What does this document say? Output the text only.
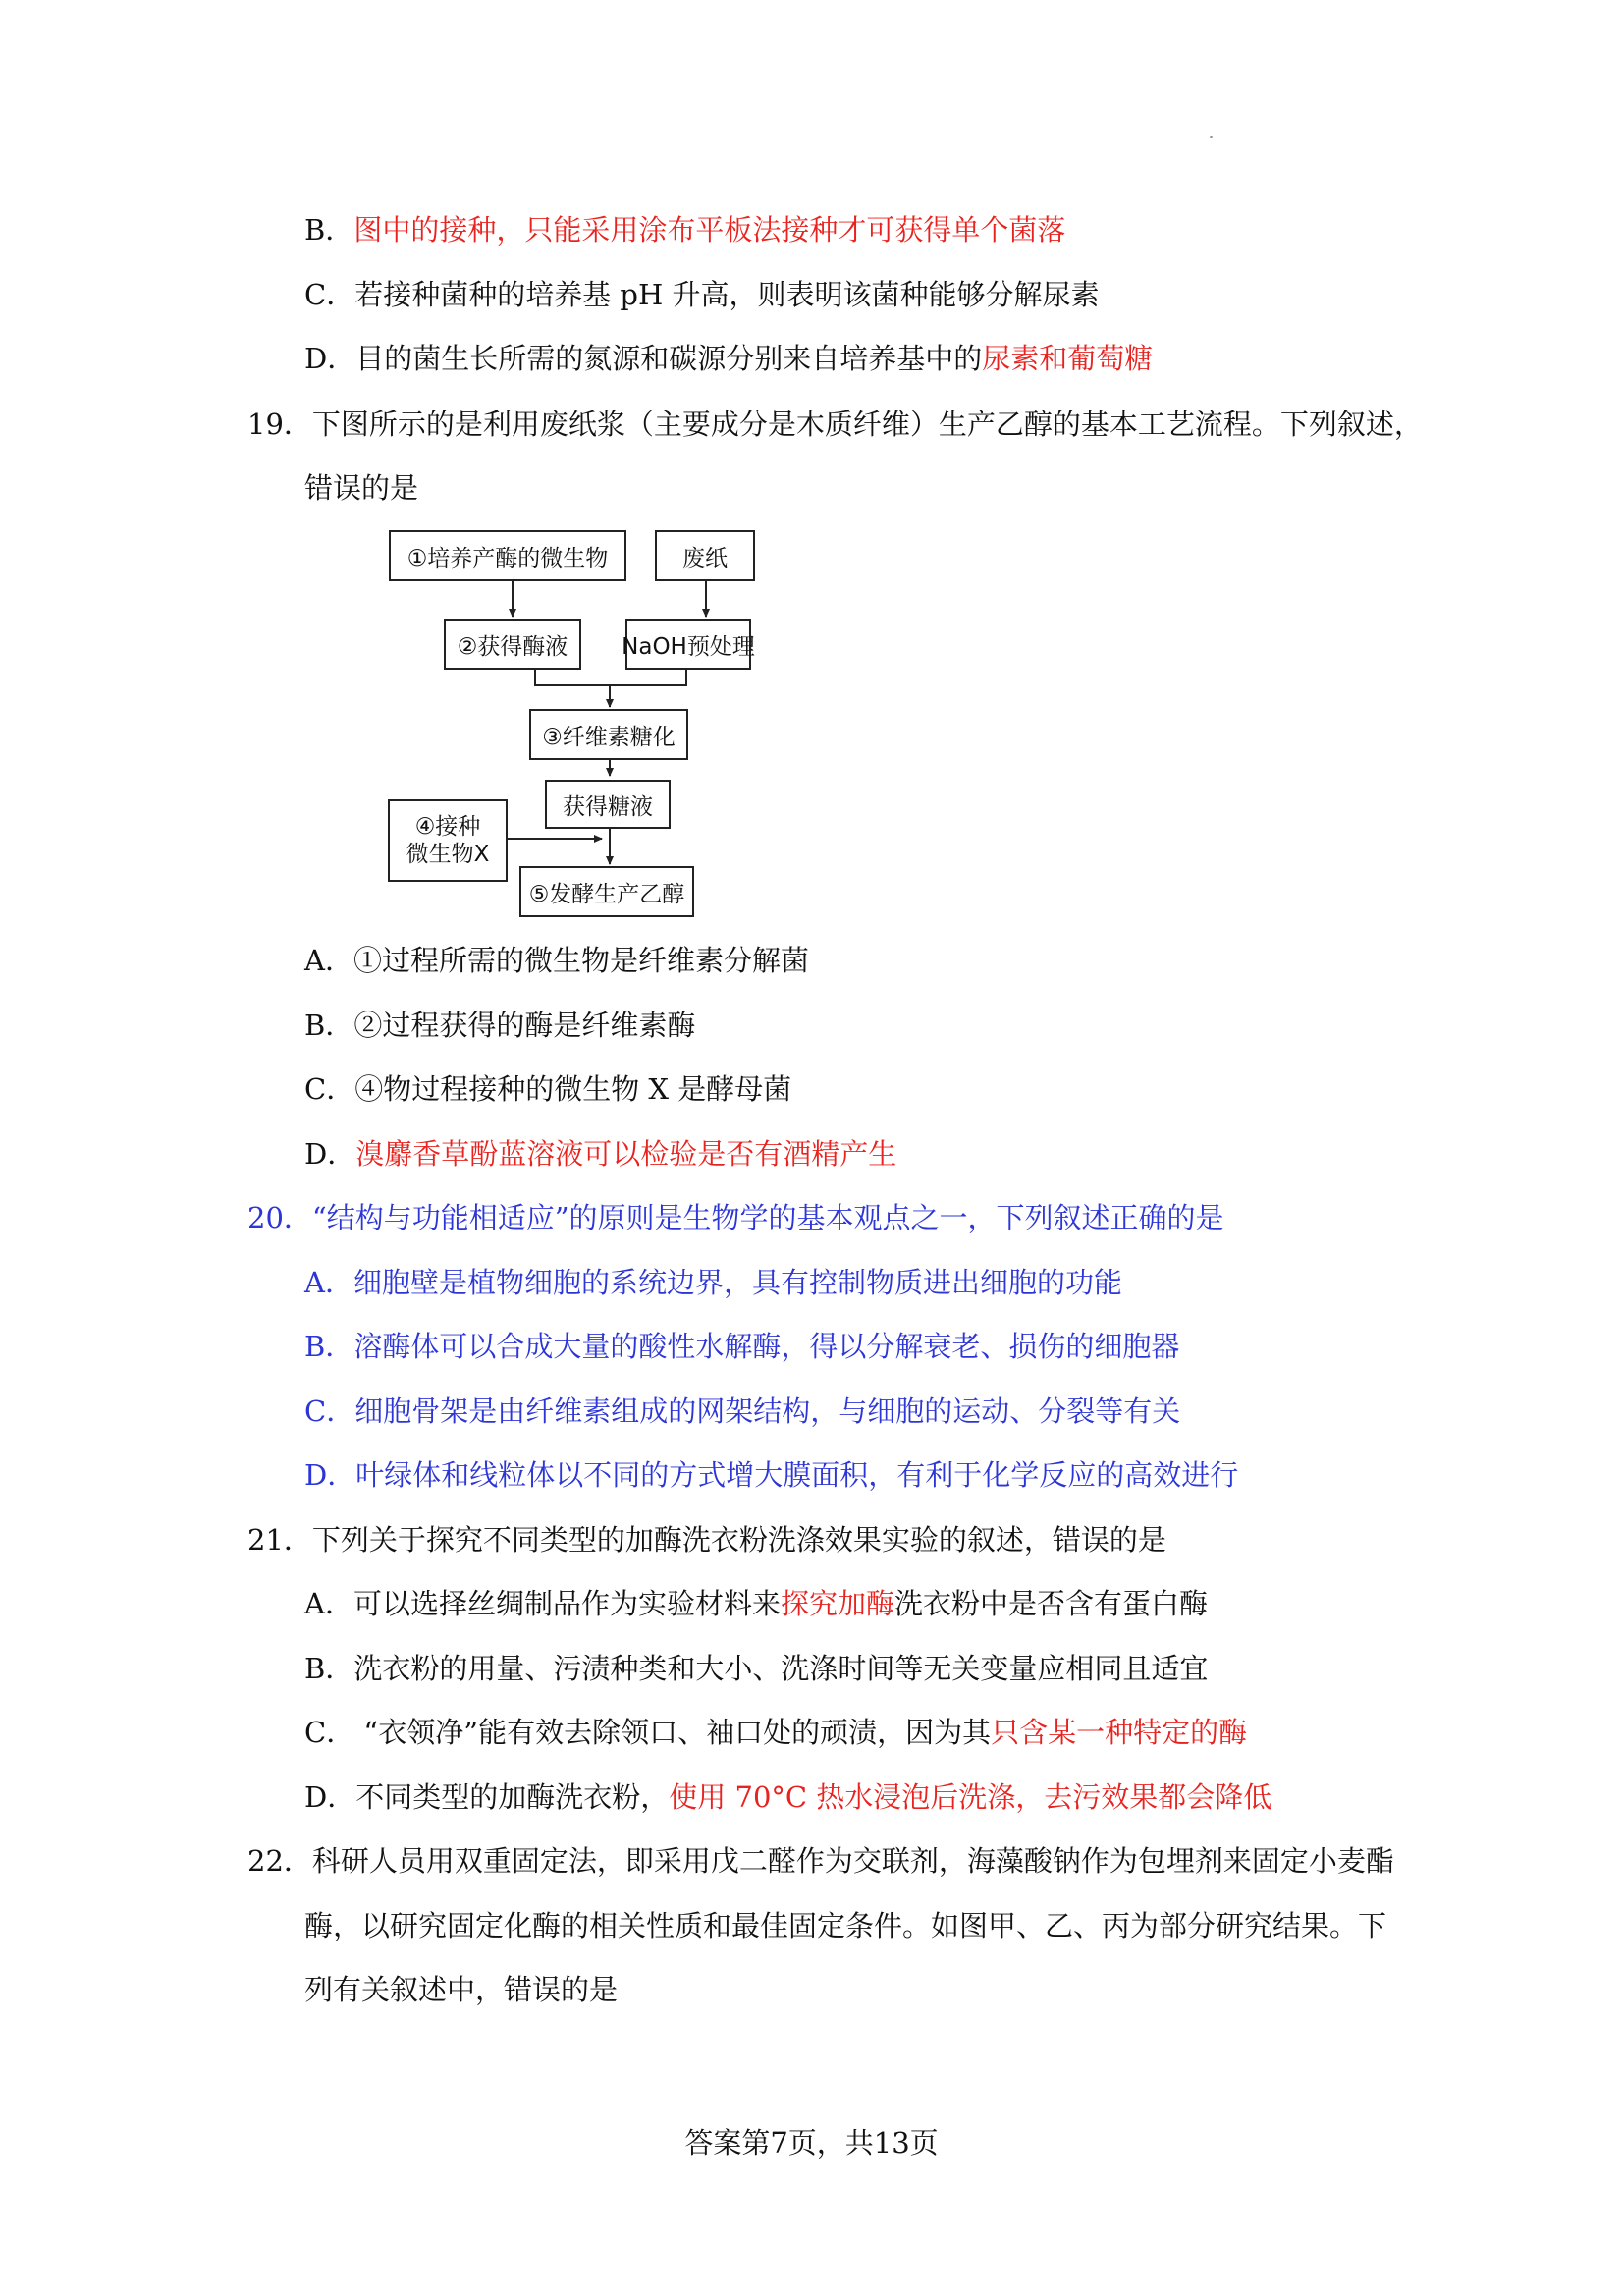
B．图中的接种，只能采用涂布平板法接种才可获得单个菌落
C．若接种菌种的培养基 pH 升高，则表明该菌种能够分解尿素
D．目的菌生长所需的氮源和碳源分别来自培养基中的尿素和葡萄糖
19．下图所示的是利用废纸浆（主要成分是木质纤维）生产乙醇的基本工艺流程。下列叙述，
错误的是
①培养产酶的微生物	废纸
②获得酶液	NaOH预处理
③纤维素糖化
获得糖液
④接种
微生物X
⑤发酵生产乙醇
A．①过程所需的微生物是纤维素分解菌
B．②过程获得的酶是纤维素酶
C．④物过程接种的微生物 X 是酵母菌
D．溴麝香草酚蓝溶液可以检验是否有酒精产生
20．“结构与功能相适应”的原则是生物学的基本观点之一，下列叙述正确的是
A．细胞壁是植物细胞的系统边界，具有控制物质进出细胞的功能
B．溶酶体可以合成大量的酸性水解酶，得以分解衰老、损伤的细胞器
C．细胞骨架是由纤维素组成的网架结构，与细胞的运动、分裂等有关
D．叶绿体和线粒体以不同的方式增大膜面积，有利于化学反应的高效进行
21．下列关于探究不同类型的加酶洗衣粉洗涤效果实验的叙述，错误的是
A．可以选择丝绸制品作为实验材料来探究加酶洗衣粉中是否含有蛋白酶
B．洗衣粉的用量、污渍种类和大小、洗涤时间等无关变量应相同且适宜
C． “衣领净”能有效去除领口、袖口处的顽渍，因为其只含某一种特定的酶
D．不同类型的加酶洗衣粉，使用 70°C 热水浸泡后洗涤，去污效果都会降低
22．科研人员用双重固定法，即采用戊二醛作为交联剂，海藻酸钠作为包埋剂来固定小麦酯
酶，以研究固定化酶的相关性质和最佳固定条件。如图甲、乙、丙为部分研究结果。下
列有关叙述中，错误的是
答案第7页，共13页
